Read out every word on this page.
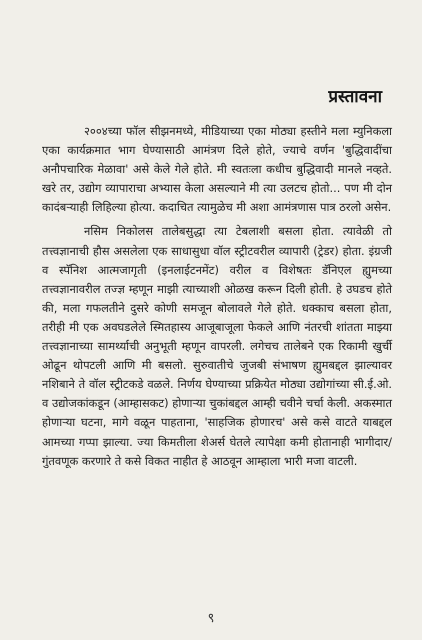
प्रस्तावना

२००४च्या फॉल सीझनमध्ये, मीडियाच्या एका मोठ्या हस्तीने मला म्युनिकला एका कार्यक्रमात भाग घेण्यासाठी आमंत्रण दिले होते, ज्याचे वर्णन 'बुद्धिवादींचा अनौपचारिक मेळावा' असे केले गेले होते. मी स्वतःला कधीच बुद्धिवादी मानले नव्हते. खरे तर, उद्योग व्यापाराचा अभ्यास केला असल्याने मी त्या उलटच होतो... पण मी दोन कादंबऱ्याही लिहिल्या होत्या. कदाचित त्यामुळेच मी अशा आमंत्रणास पात्र ठरलो असेन.

नसिम निकोलस तालेबसुद्धा त्या टेबलाशी बसला होता. त्यावेळी तो तत्त्वज्ञानाची हौस असलेला एक साधासुधा वॉल स्ट्रीटवरील व्यापारी (ट्रेडर) होता. इंग्रजी व स्पॅनिश आत्मजागृती (इनलाईटनमेंट) वरील व विशेषतः डॅनिएल ह्युमच्या तत्त्वज्ञानावरील तज्ज्ञ म्हणून माझी त्याच्याशी ओळख करून दिली होती. हे उघडच होते की, मला गफलतीने दुसरे कोणी समजून बोलावले गेले होते. धक्काच बसला होता, तरीही मी एक अवघडलेले स्मितहास्य आजूबाजूला फेकले आणि नंतरची शांतता माझ्या तत्त्वज्ञानाच्या सामर्थ्याची अनुभूती म्हणून वापरली. लगेचच तालेबने एक रिकामी खुर्ची ओढून थोपटली आणि मी बसलो. सुरुवातीचे जुजबी संभाषण ह्युमबद्दल झाल्यावर नशिबाने ते वॉल स्ट्रीटकडे वळले. निर्णय घेण्याच्या प्रक्रियेत मोठ्या उद्योगांच्या सी.ई.ओ. व उद्योजकांकडून (आम्हासकट) होणाऱ्या चुकांबद्दल आम्ही चवीने चर्चा केली. अकस्मात होणाऱ्या घटना, मागे वळून पाहताना, 'साहजिक होणारच' असे कसे वाटते याबद्दल आमच्या गप्पा झाल्या. ज्या किमतीला शेअर्स घेतले त्यापेक्षा कमी होतानाही भागीदार/गुंतवणूक करणारे ते कसे विकत नाहीत हे आठवून आम्हाला भारी मजा वाटली.

९
